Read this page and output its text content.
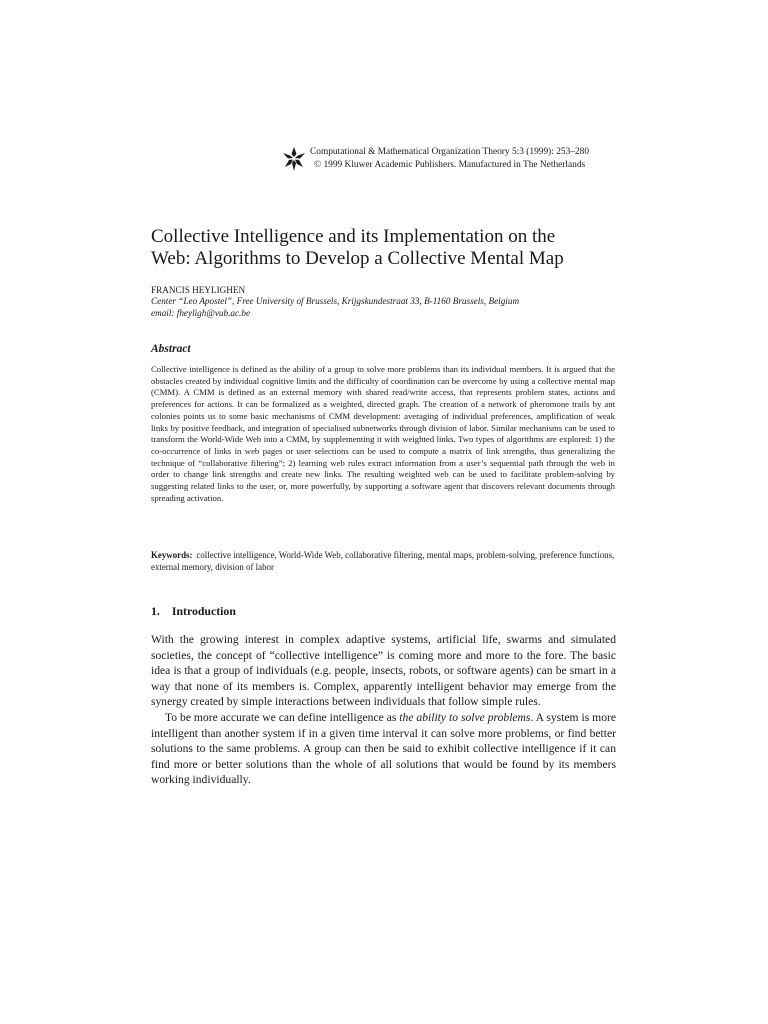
Computational & Mathematical Organization Theory 5:3 (1999): 253–280
© 1999 Kluwer Academic Publishers. Manufactured in The Netherlands
Collective Intelligence and its Implementation on the
Web: Algorithms to Develop a Collective Mental Map
FRANCIS HEYLIGHEN
Center “Leo Apostel”, Free University of Brussels, Krijgskundestraat 33, B-1160 Brussels, Belgium
email: fheyligh@vub.ac.be
Abstract

Collective intelligence is defined as the ability of a group to solve more problems than its individual members. It is argued that the obstacles created by individual cognitive limits and the difficulty of coordination can be overcome by using a collective mental map (CMM). A CMM is defined as an external memory with shared read/write access, that represents problem states, actions and preferences for actions. It can be formalized as a weighted, directed graph. The creation of a network of pheromone trails by ant colonies points us to some basic mechanisms of CMM development: averaging of individual preferences, amplification of weak links by positive feedback, and integration of specialised subnetworks through division of labor. Similar mechanisms can be used to transform the World-Wide Web into a CMM, by supplementing it with weighted links. Two types of algorithms are explored: 1) the co-occurrence of links in web pages or user selections can be used to compute a matrix of link strengths, thus generalizing the technique of “collaborative filtering”; 2) learning web rules extract information from a user’s sequential path through the web in order to change link strengths and create new links. The resulting weighted web can be used to facilitate problem-solving by suggesting related links to the user, or, more powerfully, by supporting a software agent that discovers relevant documents through spreading activation.

Keywords: collective intelligence, World-Wide Web, collaborative filtering, mental maps, problem-solving, preference functions, external memory, division of labor

1. Introduction

With the growing interest in complex adaptive systems, artificial life, swarms and simulated societies, the concept of “collective intelligence” is coming more and more to the fore. The basic idea is that a group of individuals (e.g. people, insects, robots, or software agents) can be smart in a way that none of its members is. Complex, apparently intelligent behavior may emerge from the synergy created by simple interactions between individuals that follow simple rules.

To be more accurate we can define intelligence as the ability to solve problems. A system is more intelligent than another system if in a given time interval it can solve more problems, or find better solutions to the same problems. A group can then be said to exhibit collective intelligence if it can find more or better solutions than the whole of all solutions that would be found by its members working individually.
